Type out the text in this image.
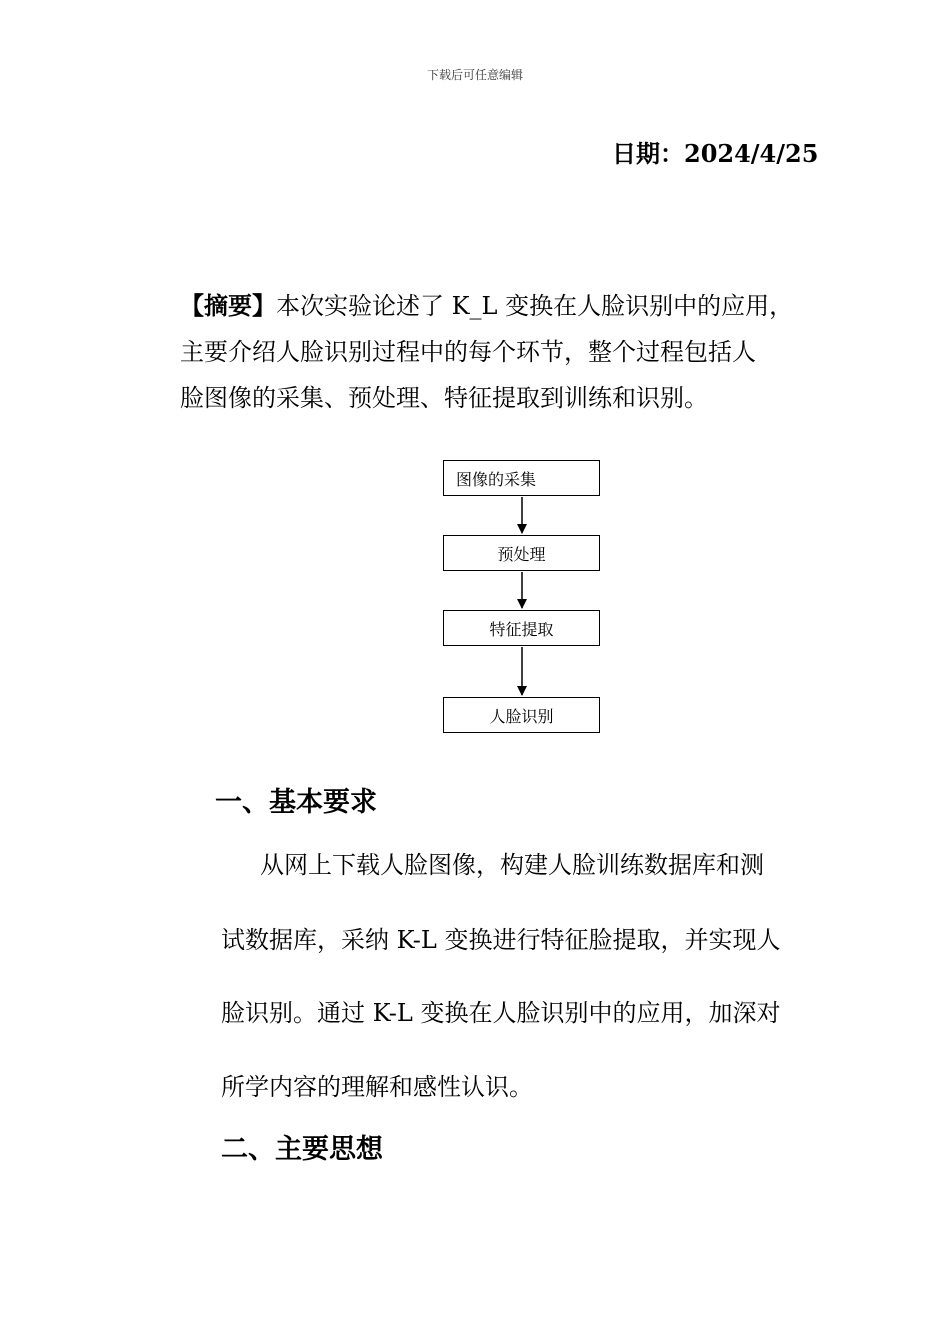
下载后可任意编辑
日期：2024/4/25

【摘要】本次实验论述了 K_L 变换在人脸识别中的应用，

主要介绍人脸识别过程中的每个环节，整个过程包括人

脸图像的采集、预处理、特征提取到训练和识别。

图像的采集
预处理
特征提取
人脸识别
一、基本要求
从网上下载人脸图像，构建人脸训练数据库和测
试数据库，采纳 K-L 变换进行特征脸提取，并实现人
脸识别。通过 K-L 变换在人脸识别中的应用，加深对
所学内容的理解和感性认识。
二、主要思想
